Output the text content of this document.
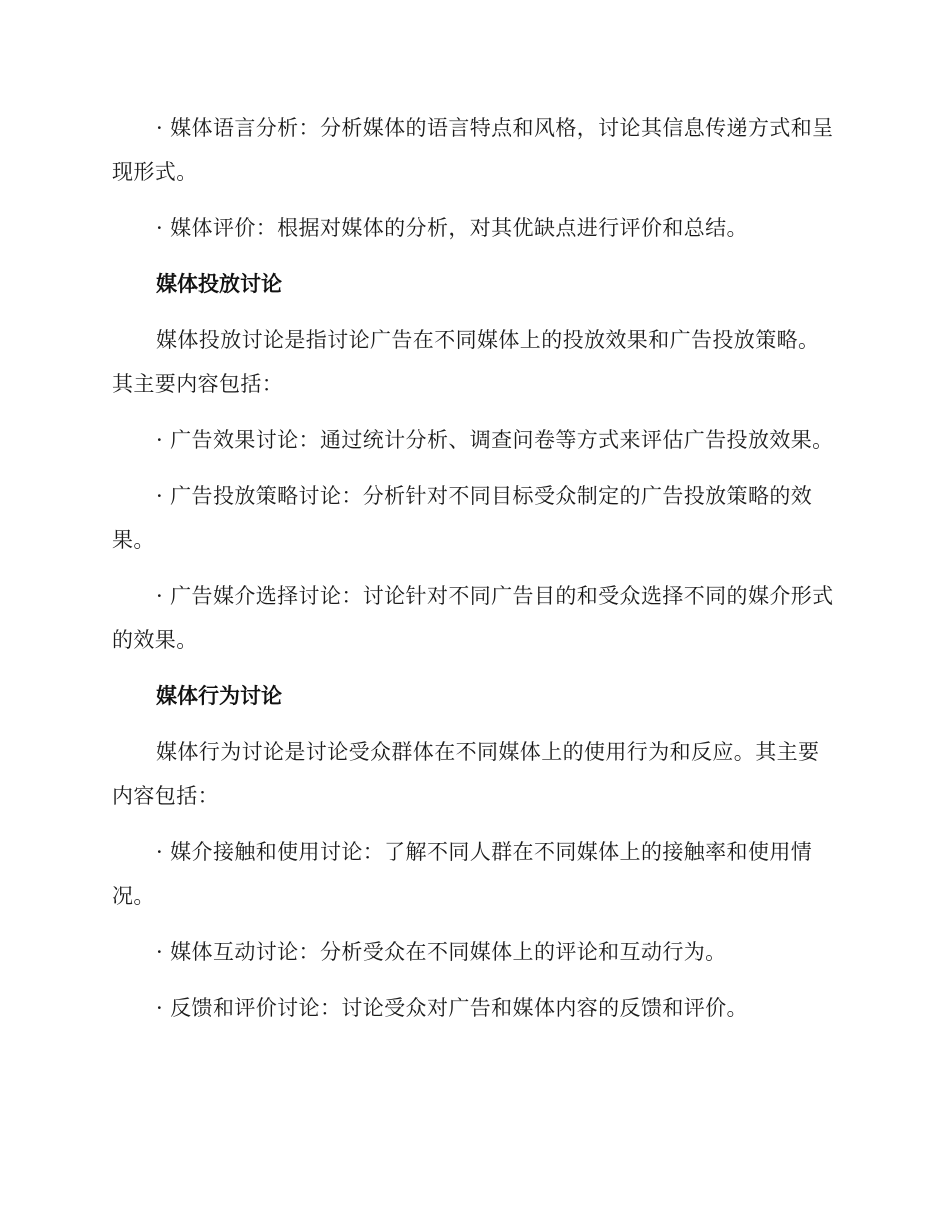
· 媒体语言分析：分析媒体的语言特点和风格，讨论其信息传递方式和呈现形式。

· 媒体评价：根据对媒体的分析，对其优缺点进行评价和总结。

媒体投放讨论

媒体投放讨论是指讨论广告在不同媒体上的投放效果和广告投放策略。其主要内容包括：

· 广告效果讨论：通过统计分析、调查问卷等方式来评估广告投放效果。

· 广告投放策略讨论：分析针对不同目标受众制定的广告投放策略的效果。

· 广告媒介选择讨论：讨论针对不同广告目的和受众选择不同的媒介形式的效果。

媒体行为讨论

媒体行为讨论是讨论受众群体在不同媒体上的使用行为和反应。其主要内容包括：

· 媒介接触和使用讨论：了解不同人群在不同媒体上的接触率和使用情况。

· 媒体互动讨论：分析受众在不同媒体上的评论和互动行为。

· 反馈和评价讨论：讨论受众对广告和媒体内容的反馈和评价。
